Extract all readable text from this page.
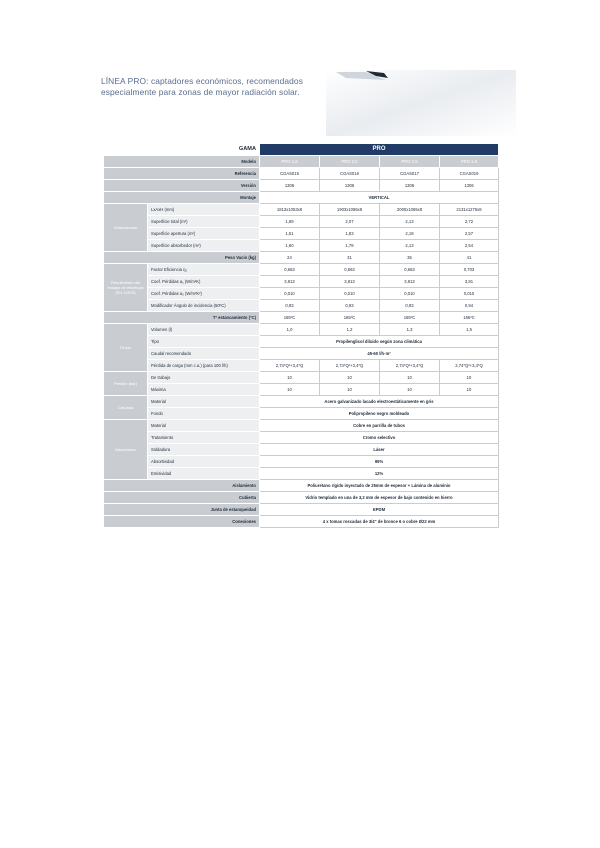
LÍNEA PRO: captadores económicos, recomendados especialmente para zonas de mayor radiación solar.
GAMA		PRO			
Modelo		PRO 1.8	PRO 2.0	PRO 2.5	PRO 2.8
Referencia		CGAS015	CGAS016	CGAS017	CGAS019
Versión		1306	1306	1306	1306
Montaje		VERTICAL			
Dimensiones	LxAxH (mm)	1813x1053x8	1903x1086x8	2000x1065x8	2131x1275x8
	Superficie total (m²)	1,89	2,07	2,13	2,72
	Superficie apertura (m²)	1,51	1,83	2,18	2,57
	Superficie absorbedor (m²)	1,60	1,78	2,13	2,54
Peso Vacío (kg)		24	31	35	41
Rendimiento del ensayo de eficiencia (EN 12975)	Factor Eficiencia η₀	0,663	0,663	0,663	0,703
	Coef. Pérdidas a₁ (W/m²K)	3,813	3,813	3,813	3,81
	Coef. Pérdidas a₂ (W/m²K²)	0,010	0,010	0,010	0,010
	Modificador Ángulo de incidencia (50ºC)	0,93	0,93	0,93	0,94
Tª estancamiento (ºC)		165ºC	165ºC	165ºC	165ºC
Fluido	Volumen (l)	1,0	1,2	1,3	1,5
	Tipo	Propilenglicol diluido según zona climática			
	Caudal recomendado	45-60 l/h·m²			
	Pérdida de carga (mm c.a.) (para 100 l/h)	2,74*Q²+3,4*Q	2,74*Q²+3,4*Q	2,74*Q²+3,4*Q	2,74*Q²+3,4*Q
Presión (bar)	De trabajo	10	10	10	10
	Máxima	10	10	10	10
Carcasa	Material	Acero galvanizado lacado electroestáticamente en gris			
	Fondo	Polipropileno negro moldeado			
Absorbedor	Material	Cobre en parrilla de tubos			
	Tratamiento	Cromo selectivo			
	Soldadura	Láser			
	Absortividad	95%			
	Emisividad	12%			
Aislamiento		Poliuretano rígido inyectado de 25mm de espesor + Lámina de aluminio			
Cubierta		Vidrio templado en una de 3,2 mm de espesor de bajo contenido en hierro			
Junta de estanqueidad		EPDM			
Conexiones		4 x tomas roscadas de 3/4" de bronce 6 o cobre Ø22 mm			
